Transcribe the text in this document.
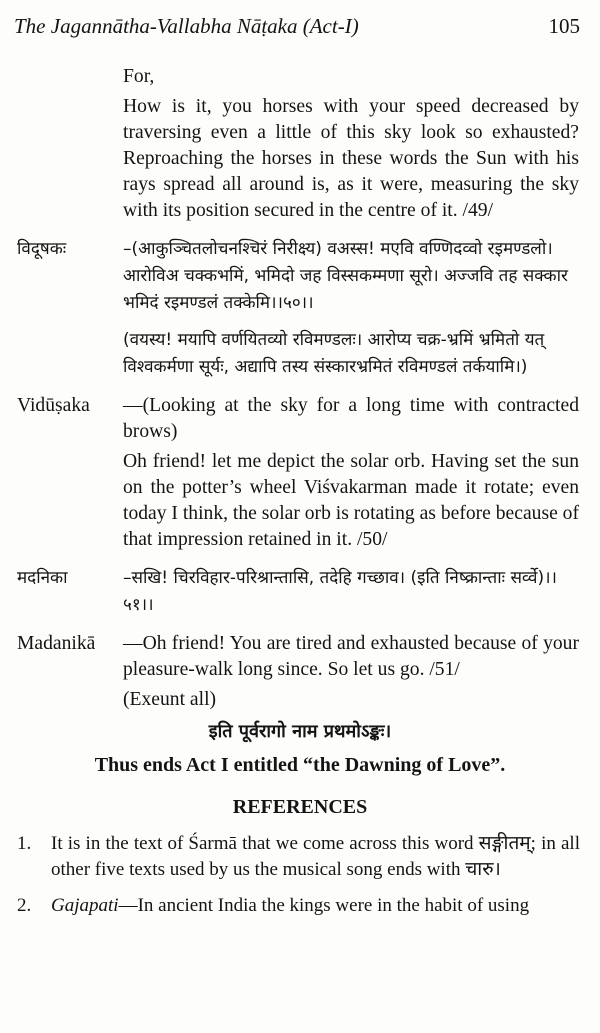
The Jagannātha-Vallabha Nāṭaka (Act-I)	105
For,
How is it, you horses with your speed decreased by traversing even a little of this sky look so exhausted? Reproaching the horses in these words the Sun with his rays spread all around is, as it were, measuring the sky with its position secured in the centre of it. /49/
विदूषकः	–(आकुञ्चितलोचनश्चिरं निरीक्ष्य) वअस्स! मएवि वण्णिदव्वो रइमण्डलो। आरोविअ चक्कभमिं, भमिदो जह विस्सकम्मणा सूरो। अज्जवि तह सक्कार भमिदं रइमण्डलं तक्केमि।।५०।।
(वयस्य! मयापि वर्णयितव्यो रविमण्डलः। आरोप्य चक्र-भ्रमिं भ्रमितो यत् विश्वकर्मणा सूर्यः, अद्यापि तस्य संस्कारभ्रमितं रविमण्डलं तर्कयामि।)
Vidūṣaka —(Looking at the sky for a long time with contracted brows)
Oh friend! let me depict the solar orb. Having set the sun on the potter’s wheel Viśvakarman made it rotate; even today I think, the solar orb is rotating as before because of that impression retained in it. /50/
मदनिका	–सखि! चिरविहार-परिश्रान्तासि, तदेहि गच्छाव। (इति निष्क्रान्ताः सर्व्वे)।।५१।।
Madanikā —Oh friend! You are tired and exhausted because of your pleasure-walk long since. So let us go. /51/
(Exeunt all)
इति पूर्वरागो नाम प्रथमोऽङ्कः।
Thus ends Act I entitled “the Dawning of Love”.
REFERENCES
1. It is in the text of Śarmā that we come across this word सङ्गीतम्; in all other five texts used by us the musical song ends with चारु।
2. Gajapati—In ancient India the kings were in the habit of using
